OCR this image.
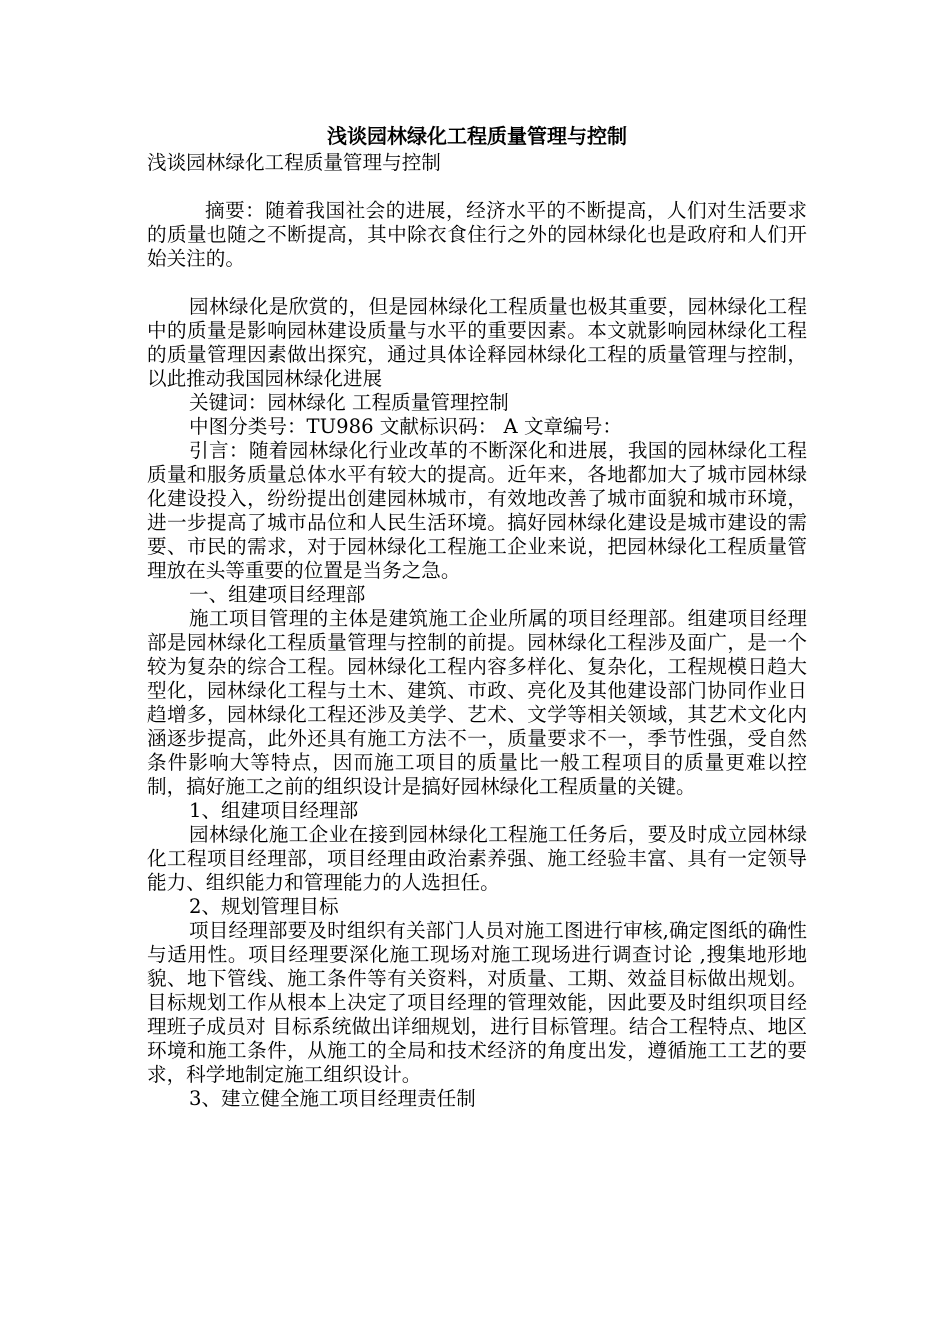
浅谈园林绿化工程质量管理与控制

浅谈园林绿化工程质量管理与控制

摘要：随着我国社会的进展，经济水平的不断提高，人们对生活要求的质量也随之不断提高，其中除衣食住行之外的园林绿化也是政府和人们开始关注的。

园林绿化是欣赏的，但是园林绿化工程质量也极其重要，园林绿化工程中的质量是影响园林建设质量与水平的重要因素。本文就影响园林绿化工程的质量管理因素做出探究，通过具体诠释园林绿化工程的质量管理与控制，以此推动我国园林绿化进展

关键词：园林绿化 工程质量管理控制

中图分类号：TU986 文献标识码： A 文章编号：

引言：随着园林绿化行业改革的不断深化和进展，我国的园林绿化工程质量和服务质量总体水平有较大的提高。近年来，各地都加大了城市园林绿化建设投入，纷纷提出创建园林城市，有效地改善了城市面貌和城市环境，进一步提高了城市品位和人民生活环境。搞好园林绿化建设是城市建设的需要、市民的需求，对于园林绿化工程施工企业来说，把园林绿化工程质量管理放在头等重要的位置是当务之急。

一、组建项目经理部

施工项目管理的主体是建筑施工企业所属的项目经理部。组建项目经理部是园林绿化工程质量管理与控制的前提。园林绿化工程涉及面广，是一个较为复杂的综合工程。园林绿化工程内容多样化、复杂化，工程规模日趋大型化，园林绿化工程与土木、建筑、市政、亮化及其他建设部门协同作业日趋增多，园林绿化工程还涉及美学、艺术、文学等相关领域，其艺术文化内涵逐步提高，此外还具有施工方法不一，质量要求不一，季节性强，受自然条件影响大等特点，因而施工项目的质量比一般工程项目的质量更难以控制，搞好施工之前的组织设计是搞好园林绿化工程质量的关键。

1、组建项目经理部

园林绿化施工企业在接到园林绿化工程施工任务后，要及时成立园林绿化工程项目经理部，项目经理由政治素养强、施工经验丰富、具有一定领导能力、组织能力和管理能力的人选担任。

2、规划管理目标

项目经理部要及时组织有关部门人员对施工图进行审核,确定图纸的确性与适用性。项目经理要深化施工现场对施工现场进行调查讨论 ,搜集地形地貌、地下管线、施工条件等有关资料，对质量、工期、效益目标做出规划。目标规划工作从根本上决定了项目经理的管理效能，因此要及时组织项目经理班子成员对 目标系统做出详细规划，进行目标管理。结合工程特点、地区环境和施工条件，从施工的全局和技术经济的角度出发，遵循施工工艺的要求，科学地制定施工组织设计。

3、建立健全施工项目经理责任制
